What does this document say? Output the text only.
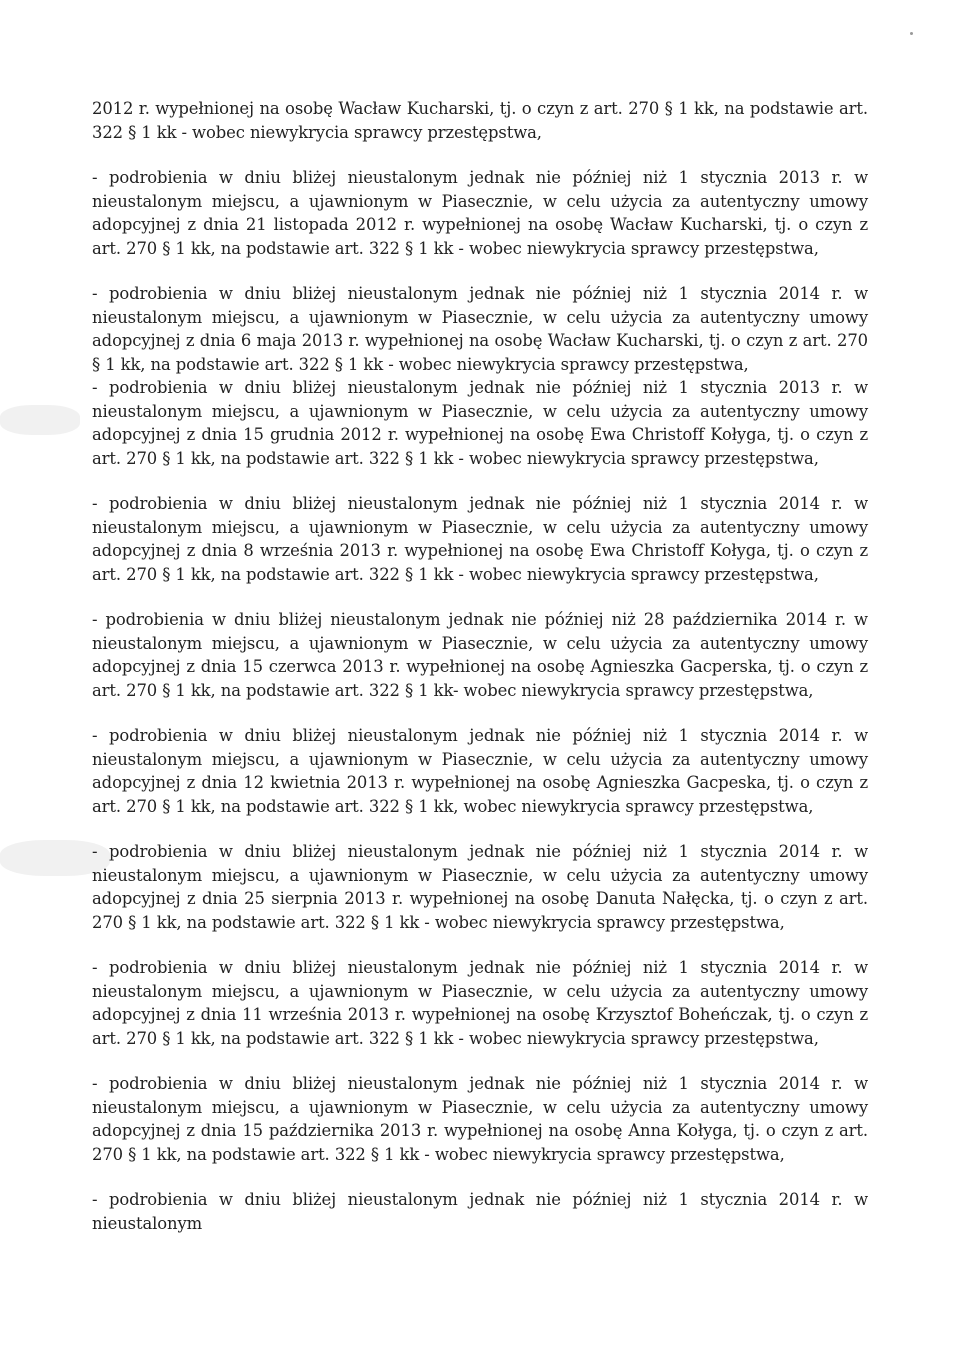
2012 r. wypełnionej na osobę Wacław Kucharski, tj. o czyn z art. 270 § 1 kk, na podstawie art. 322 § 1 kk - wobec niewykrycia sprawcy przestępstwa,

- podrobienia w dniu bliżej nieustalonym jednak nie później niż 1 stycznia 2013 r. w nieustalonym miejscu, a ujawnionym w Piasecznie, w celu użycia za autentyczny umowy adopcyjnej z dnia 21 listopada 2012 r. wypełnionej na osobę Wacław Kucharski, tj. o czyn z art. 270 § 1 kk, na podstawie art. 322 § 1 kk - wobec niewykrycia sprawcy przestępstwa,

- podrobienia w dniu bliżej nieustalonym jednak nie później niż 1 stycznia 2014 r. w nieustalonym miejscu, a ujawnionym w Piasecznie, w celu użycia za autentyczny umowy adopcyjnej z dnia 6 maja 2013 r. wypełnionej na osobę Wacław Kucharski, tj. o czyn z art. 270 § 1 kk, na podstawie art. 322 § 1 kk - wobec niewykrycia sprawcy przestępstwa,

- podrobienia w dniu bliżej nieustalonym jednak nie później niż 1 stycznia 2013 r. w nieustalonym miejscu, a ujawnionym w Piasecznie, w celu użycia za autentyczny umowy adopcyjnej z dnia 15 grudnia 2012 r. wypełnionej na osobę Ewa Christoff Kołyga, tj. o czyn z art. 270 § 1 kk, na podstawie art. 322 § 1 kk - wobec niewykrycia sprawcy przestępstwa,

- podrobienia w dniu bliżej nieustalonym jednak nie później niż 1 stycznia 2014 r. w nieustalonym miejscu, a ujawnionym w Piasecznie, w celu użycia za autentyczny umowy adopcyjnej z dnia 8 września 2013 r. wypełnionej na osobę Ewa Christoff Kołyga, tj. o czyn z art. 270 § 1 kk, na podstawie art. 322 § 1 kk - wobec niewykrycia sprawcy przestępstwa,

- podrobienia w dniu bliżej nieustalonym jednak nie później niż 28 października 2014 r. w nieustalonym miejscu, a ujawnionym w Piasecznie, w celu użycia za autentyczny umowy adopcyjnej z dnia 15 czerwca 2013 r. wypełnionej na osobę Agnieszka Gacperska, tj. o czyn z art. 270 § 1 kk, na podstawie art. 322 § 1 kk- wobec niewykrycia sprawcy przestępstwa,

- podrobienia w dniu bliżej nieustalonym jednak nie później niż 1 stycznia 2014 r. w nieustalonym miejscu, a ujawnionym w Piasecznie, w celu użycia za autentyczny umowy adopcyjnej z dnia 12 kwietnia 2013 r. wypełnionej na osobę Agnieszka Gacpeska, tj. o czyn z art. 270 § 1 kk, na podstawie art. 322 § 1 kk, wobec niewykrycia sprawcy przestępstwa,

- podrobienia w dniu bliżej nieustalonym jednak nie później niż 1 stycznia 2014 r. w nieustalonym miejscu, a ujawnionym w Piasecznie, w celu użycia za autentyczny umowy adopcyjnej z dnia 25 sierpnia 2013 r. wypełnionej na osobę Danuta Nałęcka, tj. o czyn z art. 270 § 1 kk, na podstawie art. 322 § 1 kk - wobec niewykrycia sprawcy przestępstwa,

- podrobienia w dniu bliżej nieustalonym jednak nie później niż 1 stycznia 2014 r. w nieustalonym miejscu, a ujawnionym w Piasecznie, w celu użycia za autentyczny umowy adopcyjnej z dnia 11 września 2013 r. wypełnionej na osobę Krzysztof Boheńczak, tj. o czyn z art. 270 § 1 kk, na podstawie art. 322 § 1 kk - wobec niewykrycia sprawcy przestępstwa,

- podrobienia w dniu bliżej nieustalonym jednak nie później niż 1 stycznia 2014 r. w nieustalonym miejscu, a ujawnionym w Piasecznie, w celu użycia za autentyczny umowy adopcyjnej z dnia 15 października 2013 r. wypełnionej na osobę Anna Kołyga, tj. o czyn z art. 270 § 1 kk, na podstawie art. 322 § 1 kk - wobec niewykrycia sprawcy przestępstwa,

- podrobienia w dniu bliżej nieustalonym jednak nie później niż 1 stycznia 2014 r. w nieustalonym
